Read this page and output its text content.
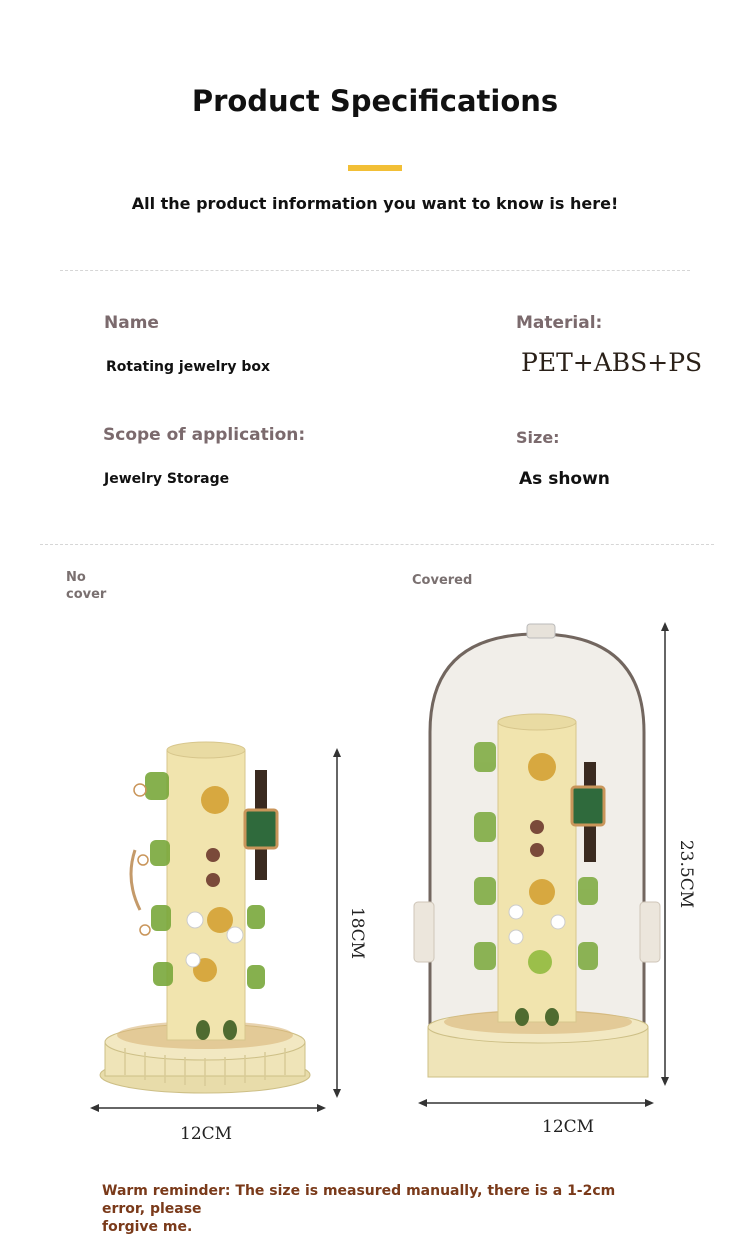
Product Specifications
All the product information you want to know is here!
Name
Rotating jewelry box
Material:
PET+ABS+PS
Scope of application:
Jewelry Storage
Size:
As shown
No
cover
Covered
18CM
12CM
23.5CM
12CM
Warm reminder: The size is measured manually, there is a 1-2cm error, please
forgive me.
